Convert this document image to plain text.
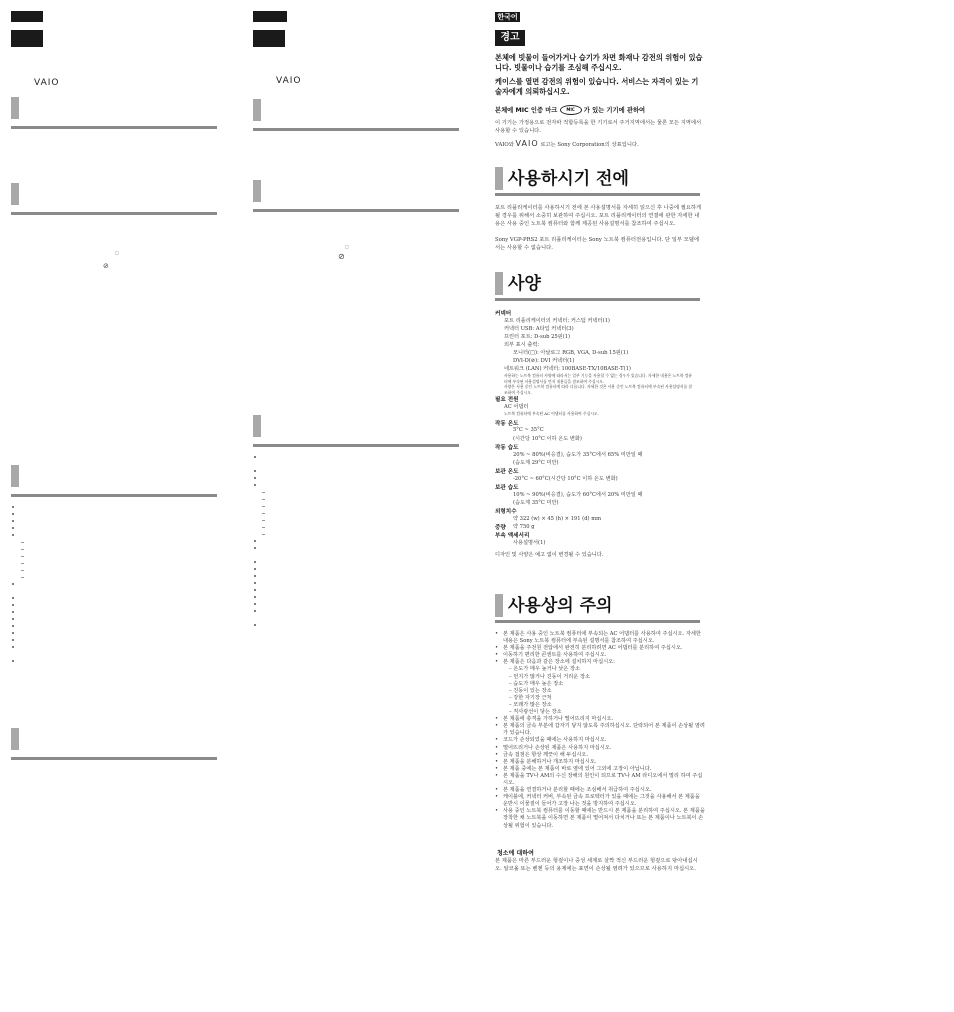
VAIO
□
⊘
VAIO
□
⊘
한국어
경고
본체에 빗물이 들어가거나 습기가 차면 화재나 감전의 위험이 있습니다. 빗물이나 습기를 조심해 주십시오.
케이스를 열면 감전의 위험이 있습니다. 서비스는 자격이 있는 기술자에게 의뢰하십시오.
본체에 MIC 인증 마크 MIC 가 있는 기기에 관하여
이 기기는 가정용으로 전자파 적합등록을 한 기기로서 주거지역에서는 물론 모든 지역에서 사용할 수 있습니다.
VAIO와 VAIO 로고는 Sony Corporation의 상표입니다.
사용하시기 전에
포트 리플리케이터를 사용하시기 전에 본 사용설명서를 자세히 읽으신 후 나중에 필요하게 될 경우를 위해서 소중히 보관하여 주십시오. 포트 리플리케이터의 연결에 관한 자세한 내용은 사용 중인 노트북 컴퓨터와 함께 제공된 사용설명서를 참조하여 주십시오.
Sony VGP-PRS2 포트 리플리케이터는 Sony 노트북 컴퓨터전용입니다. 단 일부 모델에서는 사용할 수 없습니다.
사양
사용상의 주의
• 본 제품은 사용 중인 노트북 컴퓨터에 부속되는 AC 어댑터를 사용하여 주십시오. 자세한 내용은 Sony 노트북 컴퓨터에 부속된 설명서를 참조하여 주십시오.
• 본 제품을 주전원 전압에서 완전히 분리하려면 AC 어댑터를 분리하여 주십시오.
• 이동하기 편리한 콘센트를 사용하여 주십시오.
• 본 제품은 다음과 같은 장소에 설치하지 마십시오:
– 온도가 매우 높거나 낮은 장소
– 먼지가 많거나 진동이 거리운 장소
– 습도가 매우 높은 장소
– 진동이 있는 장소
– 강한 자기장 근처
– 모래가 많은 장소
– 직사광선이 닿는 장소
• 본 제품에 충격을 가하거나 떨어뜨리지 마십시오.
• 본 제품의 금속 부분에 갑자기 닿지 않도록 주의하십시오. 단락되어 본 제품이 손상될 염려가 있습니다.
• 코드가 손상되었을 때에는 사용하지 마십시오.
• 떨어뜨리거나 손상된 제품은 사용하지 마십시오.
• 금속 접점은 항상 깨끗이 해 두십시오.
• 본 제품을 분해하거나 개조하지 마십시오.
• 본 제품 중에는 본 제품이 바로 옆에 있어 그외에 고장이 아닙니다.
• 본 제품을 TV나 AM의 수신 장해의 원인이 되므로 TV나 AM 라디오에서 멀리 하여 주십시오.
• 본 제품을 연결하거나 분리할 때에는 조심해서 취급하여 주십시오.
• 케이블에, 커넥터 커버, 부속된 금속 프로텍터가 있을 때에는 그것을 사용해서 본 제품을 운반시 이물질이 들어가 고장 나는 것을 방지하여 주십시오.
• 사용 중인 노트북 컴퓨터를 이동할 때에는 반드시 본 제품을 분리하여 주십시오. 본 제품을 장착한 채 노트북을 이동하면 본 제품이 떨어져서 다치거나 또는 본 제품이나 노트북이 손상될 위험이 있습니다.
청소에 대하여
본 제품은 마른 부드러운 헝겊이나 중성 세제로 살짝 적신 부드러운 헝겊으로 닦아내십시오. 알코올 또는 벤젠 등의 용제에는 표면이 손상될 염려가 있으므로 사용하지 마십시오.
커넥터
포트 리플리케이터의 커넥터: 커스텀 커넥터(1)
커넥터 USB: A타입 커넥터(3)
프린터 포트: D-sub 25핀(1)
외부 표시 출력:
모니터(□): 아날로그 RGB, VGA, D-sub 15핀(1)
DVI-D(⊘): DVI 커넥터(1)
네트워크 (LAN) 커넥터: 100BASE-TX/10BASE-T(1)
사용하는 노트북 컴퓨터 사양에 따라서는 일부 기능을 사용할 수 없는 경우가 있습니다. 자세한 내용은 노트북 컴퓨터에 부속된 사용설명서를 먼저 내용들을 참조하여 주십시오.
사양은 사용 중인 노트북 컴퓨터에 따라 다릅니다. 자세한 것은 사용 중인 노트북 컴퓨터에 부속된 사용설명서를 참조하여 주십시오.
필요 전원
AC 어댑터
노트북 컴퓨터에 부속된 AC 어댑터를 사용하여 주십시오.
작동 온도
5°C ~ 35°C
(시간당 10°C 이하 온도 변화)
작동 습도
20% ~ 80%(비응결), 습도가 35°C에서 65% 미만일 때
(습도계 29°C 미만)
보관 온도
-20°C ~ 60°C(시간당 10°C 이하 온도 변화)
보관 습도
10% ~ 90%(비응결), 습도가 60°C에서 20% 미만일 때
(습도계 35°C 미만)
외형치수
약 322 (w) × 45 (h) × 191 (d) mm
중량 약 750 g
부속 액세서리
사용설명서(1)
디자인 및 사양은 예고 없이 변경될 수 있습니다.
